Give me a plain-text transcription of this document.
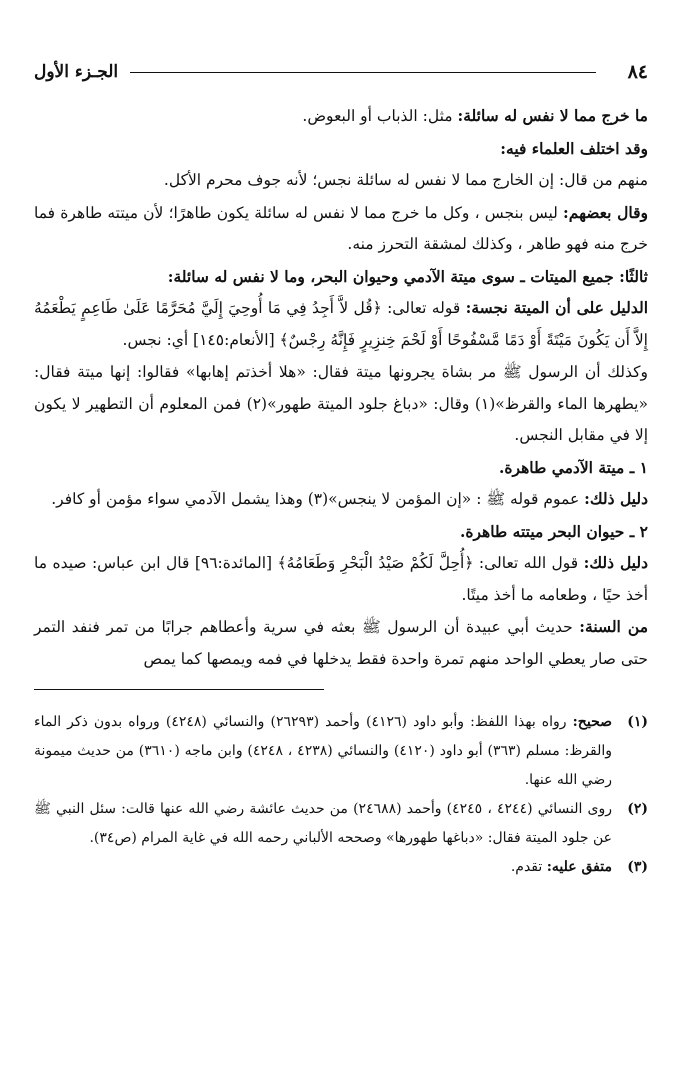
٨٤
الجـزء الأول

ما خرج مما لا نفس له سائلة: مثل: الذباب أو البعوض.

وقد اختلف العلماء فيه:

منهم من قال: إن الخارج مما لا نفس له سائلة نجس؛ لأنه جوف محرم الأكل.

وقال بعضهم: ليس بنجس ، وكل ما خرج مما لا نفس له سائلة يكون طاهرًا؛ لأن ميتته طاهرة فما خرج منه فهو طاهر ، وكذلك لمشقة التحرز منه.

ثالثًا: جميع الميتات ـ سوى ميتة الآدمي وحيوان البحر، وما لا نفس له سائلة:

الدليل على أن الميتة نجسة: قوله تعالى: ﴿قُل لاَّ أَجِدُ فِي مَا أُوحِيَ إِلَيَّ مُحَرَّمًا عَلَىٰ طَاعِمٍ يَطْعَمُهُ إِلاَّ أَن يَكُونَ مَيْتَةً أَوْ دَمًا مَّسْفُوحًا أَوْ لَحْمَ خِنزِيرٍ فَإِنَّهُ رِجْسٌ﴾ [الأنعام:١٤٥] أي: نجس.

وكذلك أن الرسول ﷺ مر بشاة يجرونها ميتة فقال: «هلا أخذتم إهابها» فقالوا: إنها ميتة فقال: «يطهرها الماء والقرظ»(١) وقال: «دباغ جلود الميتة طهور»(٢) فمن المعلوم أن التطهير لا يكون إلا في مقابل النجس.

١ ـ ميتة الآدمي طاهرة.

دليل ذلك: عموم قوله ﷺ : «إن المؤمن لا ينجس»(٣) وهذا يشمل الآدمي سواء مؤمن أو كافر.

٢ ـ حيوان البحر ميتته طاهرة.

دليل ذلك: قول الله تعالى: ﴿أُحِلَّ لَكُمْ صَيْدُ الْبَحْرِ وَطَعَامُهُ﴾ [المائدة:٩٦] قال ابن عباس: صيده ما أخذ حيًا ، وطعامه ما أخذ ميتًا.

من السنة: حديث أبي عبيدة أن الرسول ﷺ بعثه في سرية وأعطاهم جرابًا من تمر فنفد التمر حتى صار يعطي الواحد منهم تمرة واحدة فقط يدخلها في فمه ويمصها كما يمص

(١)
صحيح: رواه بهذا اللفظ: وأبو داود (٤١٢٦) وأحمد (٢٦٢٩٣) والنسائي (٤٢٤٨) ورواه بدون ذكر الماء والقرظ: مسلم (٣٦٣) أبو داود (٤١٢٠) والنسائي (٤٢٣٨ ، ٤٢٤٨) وابن ماجه (٣٦١٠) من حديث ميمونة رضي الله عنها.
(٢)
روى النسائي (٤٢٤٤ ، ٤٢٤٥) وأحمد (٢٤٦٨٨) من حديث عائشة رضي الله عنها قالت: سئل النبي ﷺ عن جلود الميتة فقال: «دباغها طهورها» وصححه الألباني رحمه الله في غاية المرام (ص٣٤).
(٣)
متفق عليه: تقدم.
